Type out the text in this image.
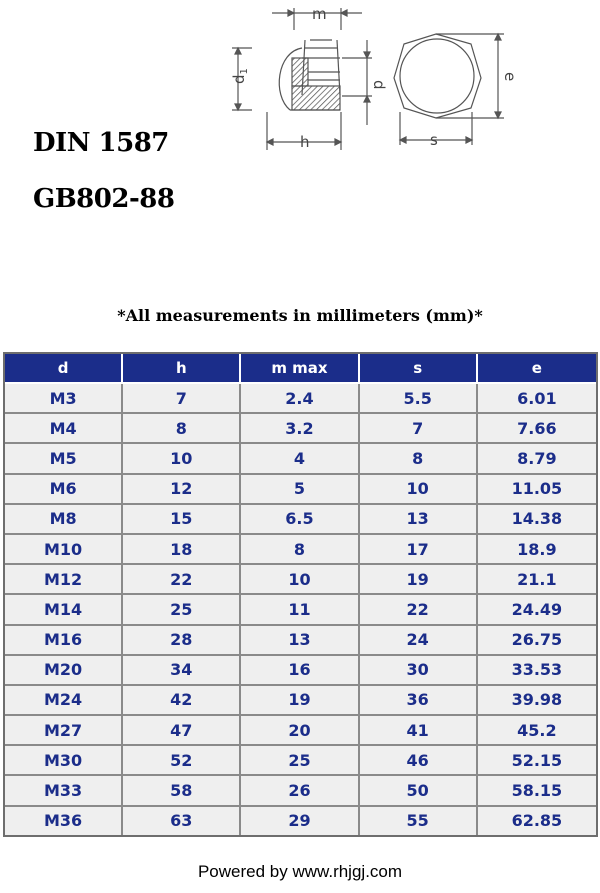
m
$d_1$
d
e
h	s
DIN 1587
GB802-88
*All measurements in millimeters (mm)*
d	h	m max	s	e
M3	7	2.4	5.5	6.01
M4	8	3.2	7	7.66
M5	10	4	8	8.79
M6	12	5	10	11.05
M8	15	6.5	13	14.38
M10	18	8	17	18.9
M12	22	10	19	21.1
M14	25	11	22	24.49
M16	28	13	24	26.75
M20	34	16	30	33.53
M24	42	19	36	39.98
M27	47	20	41	45.2
M30	52	25	46	52.15
M33	58	26	50	58.15
M36	63	29	55	62.85
Powered by www.rhjgj.com
